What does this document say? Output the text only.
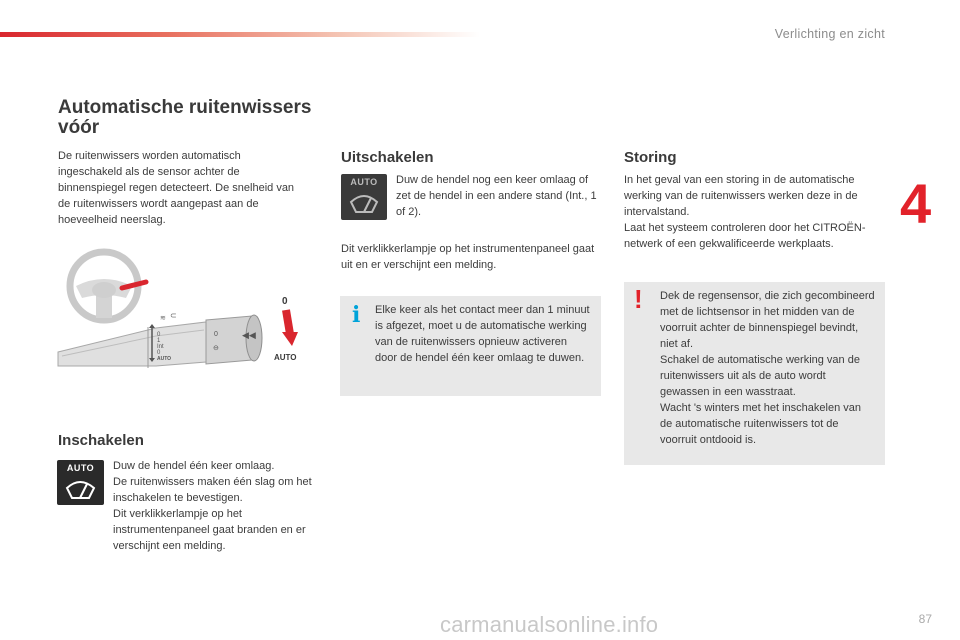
Verlichting en zicht
4
Automatische ruitenwissers vóór

De ruitenwissers worden automatisch ingeschakeld als de sensor achter de binnenspiegel regen detecteert. De snelheid van de ruitenwissers wordt aangepast aan de hoeveelheid neerslag.

≋ ⊂
0
1
Int
0
AUTO
0
⊖
◀◀
0
AUTO
Inschakelen
AUTO	Duw de hendel één keer omlaag.
De ruitenwissers maken één slag om het inschakelen te bevestigen.
Dit verklikkerlampje op het instrumentenpaneel gaat branden en er verschijnt een melding.

Uitschakelen
AUTO	Duw de hendel nog een keer omlaag of zet de hendel in een andere stand (Int., 1 of 2).

Dit verklikkerlampje op het instrumentenpaneel gaat uit en er verschijnt een melding.

i Elke keer als het contact meer dan 1 minuut is afgezet, moet u de automatische werking van de ruitenwissers opnieuw activeren door de hendel één keer omlaag te duwen.

Storing

In het geval van een storing in de automatische werking van de ruitenwissers werken deze in de intervalstand.
Laat het systeem controleren door het CITROËN-netwerk of een gekwalificeerde werkplaats.

! Dek de regensensor, die zich gecombineerd met de lichtsensor in het midden van de voorruit achter de binnenspiegel bevindt, niet af.
Schakel de automatische werking van de ruitenwissers uit als de auto wordt gewassen in een wasstraat.
Wacht 's winters met het inschakelen van de automatische ruitenwissers tot de voorruit ontdooid is.

carmanualsonline.info	87
